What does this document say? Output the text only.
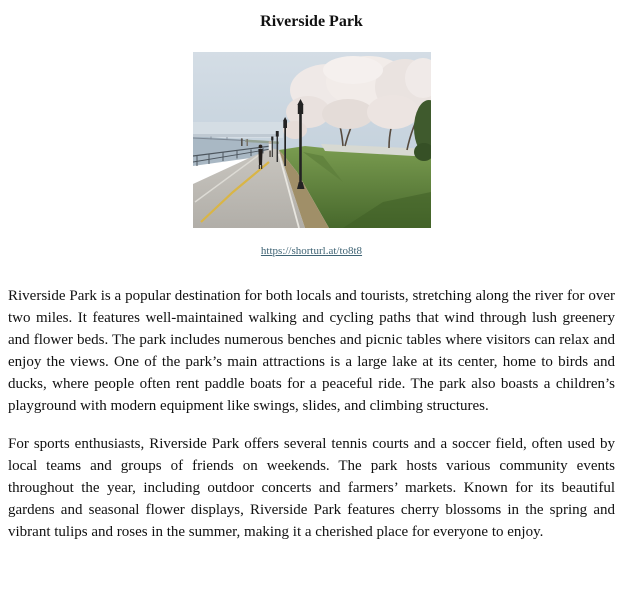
Riverside Park
https://shorturl.at/to8t8

Riverside Park is a popular destination for both locals and tourists, stretching along the river for over two miles. It features well-maintained walking and cycling paths that wind through lush greenery and flower beds. The park includes numerous benches and picnic tables where visitors can relax and enjoy the views. One of the park’s main attractions is a large lake at its center, home to birds and ducks, where people often rent paddle boats for a peaceful ride. The park also boasts a children’s playground with modern equipment like swings, slides, and climbing structures.

For sports enthusiasts, Riverside Park offers several tennis courts and a soccer field, often used by local teams and groups of friends on weekends. The park hosts various community events throughout the year, including outdoor concerts and farmers’ markets. Known for its beautiful gardens and seasonal flower displays, Riverside Park features cherry blossoms in the spring and vibrant tulips and roses in the summer, making it a cherished place for everyone to enjoy.
